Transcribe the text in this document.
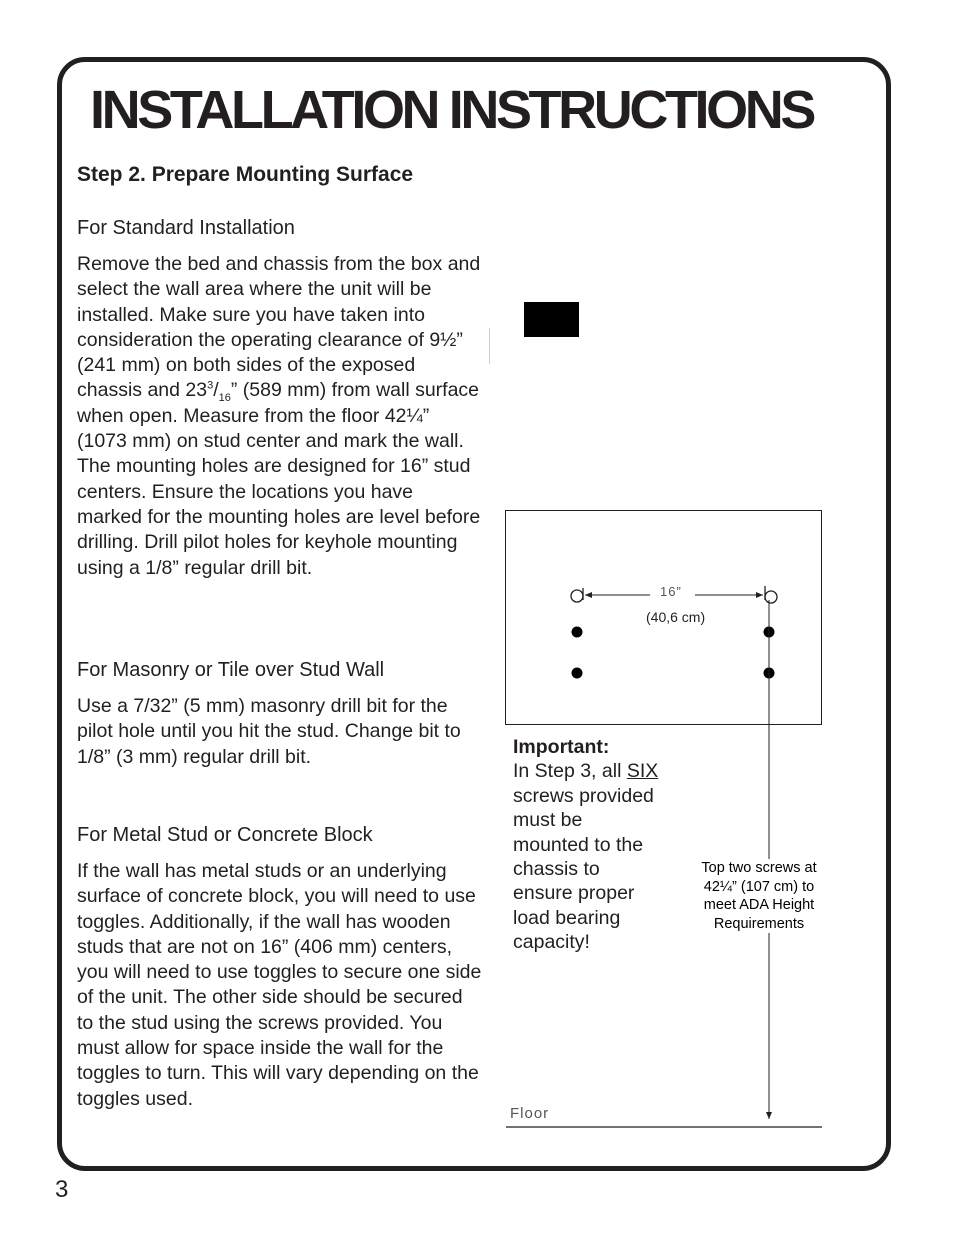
INSTALLATION INSTRUCTIONS
Step 2. Prepare Mounting Surface
For Standard Installation

Remove the bed and chassis from the box and select the wall area where the unit will be installed. Make sure you have taken into consideration the operating clearance of 9½” (241 mm) on both sides of the exposed chassis and $23^3/_{16}$” (589 mm) from wall surface when open. Measure from the floor 42¼” (1073 mm) on stud center and mark the wall. The mounting holes are designed for 16” stud centers. Ensure the locations you have marked for the mounting holes are level before drilling. Drill pilot holes for keyhole mounting using a 1/8” regular drill bit.

For Masonry or Tile over Stud Wall

Use a 7/32” (5 mm) masonry drill bit for the pilot hole until you hit the stud. Change bit to 1/8” (3 mm) regular drill bit.

For Metal Stud or Concrete Block

If the wall has metal studs or an underlying surface of concrete block, you will need to use toggles. Additionally, if the wall has wooden studs that are not on 16” (406 mm) centers, you will need to use toggles to secure one side of the unit. The other side should be secured to the stud using the screws provided. You must allow for space inside the wall for the toggles to turn. This will vary depending on the toggles used.

16”
(40,6 cm)

Important:
In Step 3, all SIX screws provided must be mounted to the chassis to ensure proper load bearing capacity!

Top two screws at 42¼” (107 cm) to meet ADA Height Requirements

Floor
3
